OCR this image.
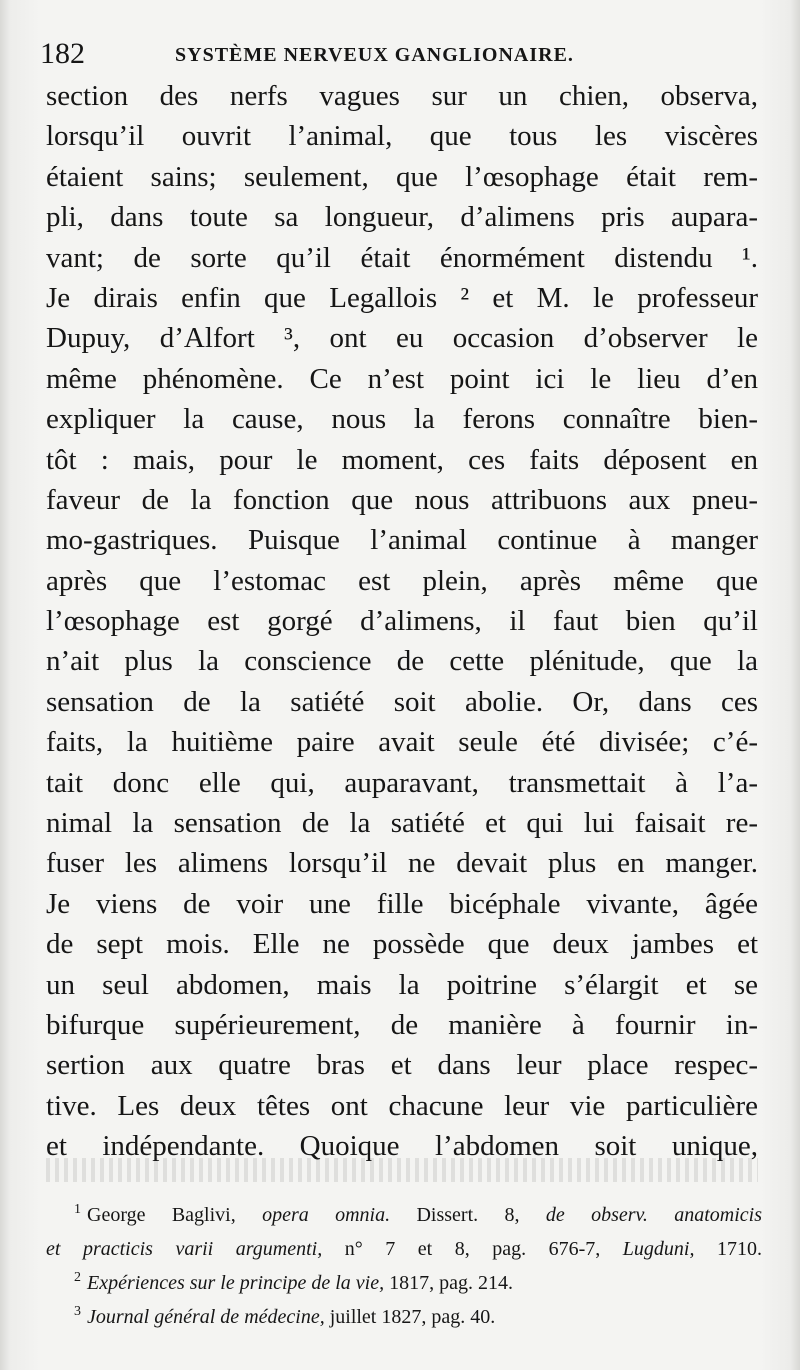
182	SYSTÈME NERVEUX GANGLIONAIRE.
section des nerfs vagues sur un chien, observa,
lorsqu’il ouvrit l’animal, que tous les viscères
étaient sains; seulement, que l’œsophage était rem-
pli, dans toute sa longueur, d’alimens pris aupara-
vant; de sorte qu’il était énormément distendu ¹.
Je dirais enfin que Legallois ² et M. le professeur
Dupuy, d’Alfort ³, ont eu occasion d’observer le
même phénomène. Ce n’est point ici le lieu d’en
expliquer la cause, nous la ferons connaître bien-
tôt : mais, pour le moment, ces faits déposent en
faveur de la fonction que nous attribuons aux pneu-
mo-gastriques. Puisque l’animal continue à manger
après que l’estomac est plein, après même que
l’œsophage est gorgé d’alimens, il faut bien qu’il
n’ait plus la conscience de cette plénitude, que la
sensation de la satiété soit abolie. Or, dans ces
faits, la huitième paire avait seule été divisée; c’é-
tait donc elle qui, auparavant, transmettait à l’a-
nimal la sensation de la satiété et qui lui faisait re-
fuser les alimens lorsqu’il ne devait plus en manger.
Je viens de voir une fille bicéphale vivante, âgée
de sept mois. Elle ne possède que deux jambes et
un seul abdomen, mais la poitrine s’élargit et se
bifurque supérieurement, de manière à fournir in-
sertion aux quatre bras et dans leur place respec-
tive. Les deux têtes ont chacune leur vie particulière
et indépendante. Quoique l’abdomen soit unique,
$^1$ George Baglivi, opera omnia. Dissert. 8, de observ. anatomicis
et practicis varii argumenti, n° 7 et 8, pag. 676-7, Lugduni, 1710.
$^2$ Expériences sur le principe de la vie, 1817, pag. 214.
$^3$ Journal général de médecine, juillet 1827, pag. 40.
